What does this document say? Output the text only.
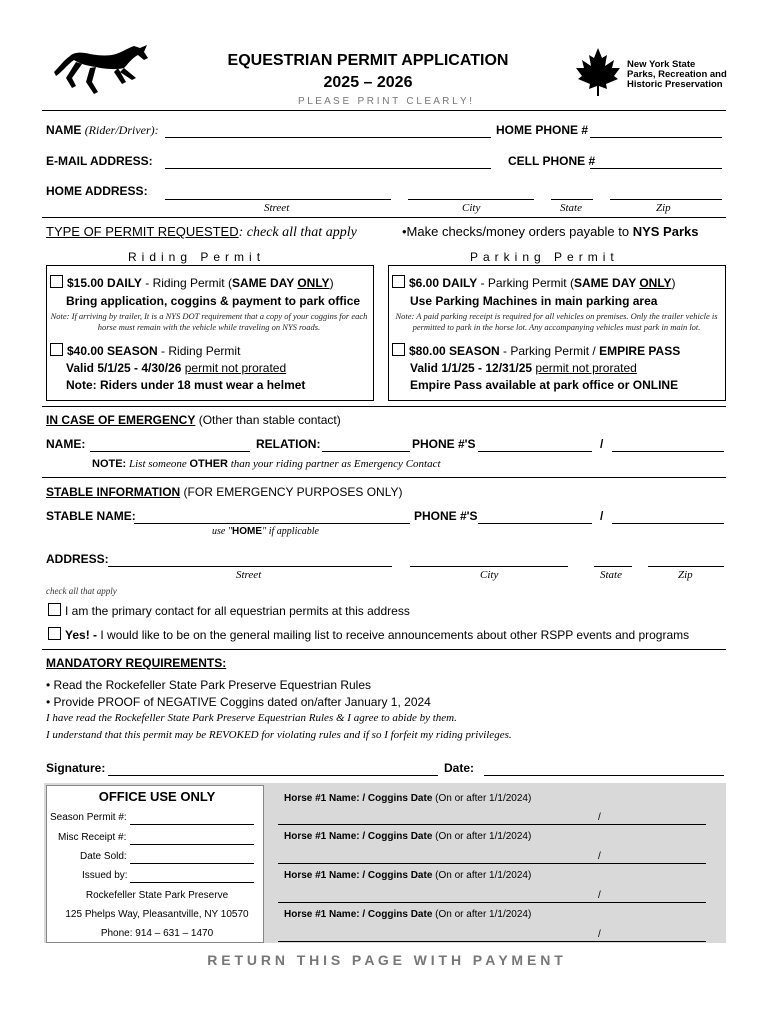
EQUESTRIAN PERMIT APPLICATION
2025 – 2026
P L E A S E   P R I N T   C L E A R L Y !
New York State
Parks, Recreation and
Historic Preservation
NAME (Rider/Driver):	HOME PHONE #
E-MAIL ADDRESS:	CELL PHONE #
HOME ADDRESS:
Street	City	State	Zip
TYPE OF PERMIT REQUESTED: check all that apply	•Make checks/money orders payable to NYS Parks
Riding Permit	Parking Permit
$15.00 DAILY - Riding Permit (SAME DAY ONLY)
Bring application, coggins & payment to park office
Note: If arriving by trailer, It is a NYS DOT requirement that a copy of your coggins for each horse must remain with the vehicle while traveling on NYS roads.
$40.00 SEASON - Riding Permit
Valid 5/1/25 - 4/30/26 permit not prorated
Note: Riders under 18 must wear a helmet
$6.00 DAILY - Parking Permit (SAME DAY ONLY)
Use Parking Machines in main parking area
Note: A paid parking receipt is required for all vehicles on premises. Only the trailer vehicle is permitted to park in the horse lot. Any accompanying vehicles must park in main lot.
$80.00 SEASON - Parking Permit / EMPIRE PASS
Valid 1/1/25 - 12/31/25 permit not prorated
Empire Pass available at park office or ONLINE
IN CASE OF EMERGENCY (Other than stable contact)
NAME:	RELATION:	PHONE #'S	/
NOTE: List someone OTHER than your riding partner as Emergency Contact
STABLE INFORMATION (FOR EMERGENCY PURPOSES ONLY)
STABLE NAME:	PHONE #'S	/
use "HOME" if applicable
ADDRESS:
Street	City	State	Zip
check all that apply
I am the primary contact for all equestrian permits at this address
Yes! - I would like to be on the general mailing list to receive announcements about other RSPP events and programs
MANDATORY REQUIREMENTS:
• Read the Rockefeller State Park Preserve Equestrian Rules
• Provide PROOF of NEGATIVE Coggins dated on/after January 1, 2024
I have read the Rockefeller State Park Preserve Equestrian Rules & I agree to abide by them.
I understand that this permit may be REVOKED for violating rules and if so I forfeit my riding privileges.
Signature:	Date:
OFFICE USE ONLY
Season Permit #:
Misc Receipt #:
Date Sold:
Issued by:
Rockefeller State Park Preserve
125 Phelps Way, Pleasantville, NY 10570
Phone: 914 – 631 – 1470
Horse #1 Name: / Coggins Date (On or after 1/1/2024)
/
Horse #1 Name: / Coggins Date (On or after 1/1/2024)
/
Horse #1 Name: / Coggins Date (On or after 1/1/2024)
/
Horse #1 Name: / Coggins Date (On or after 1/1/2024)
/
R E T U R N   T H I S   P A G E   W I T H   P A Y M E N T
